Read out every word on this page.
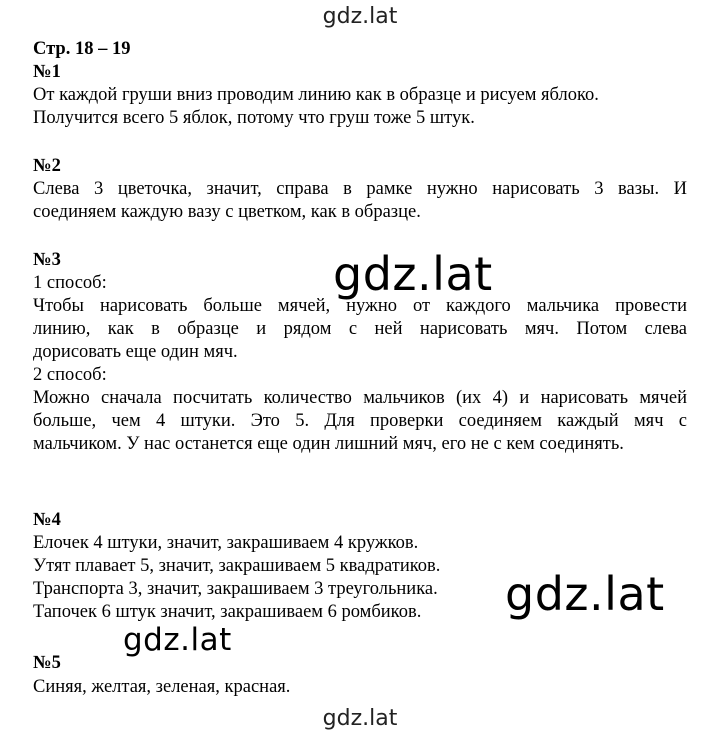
gdz.lat
Стр. 18 – 19
№1
От каждой груши вниз проводим линию как в образце и рисуем яблоко.
Получится всего 5 яблок, потому что груш тоже 5 штук.
№2
Слева 3 цветочка, значит, справа в рамке нужно нарисовать 3 вазы. И
соединяем каждую вазу с цветком, как в образце.
№3
1 способ:
Чтобы нарисовать больше мячей, нужно от каждого мальчика провести
линию, как в образце и рядом с ней нарисовать мяч. Потом слева
дорисовать еще один мяч.
2 способ:
Можно сначала посчитать количество мальчиков (их 4) и нарисовать мячей
больше, чем 4 штуки. Это 5. Для проверки соединяем каждый мяч с
мальчиком. У нас останется еще один лишний мяч, его не с кем соединять.
№4
Елочек 4 штуки, значит, закрашиваем 4 кружков.
Утят плавает 5, значит, закрашиваем 5 квадратиков.
Транспорта 3, значит, закрашиваем 3 треугольника.
Тапочек 6 штук значит, закрашиваем 6 ромбиков.
№5
Синяя, желтая, зеленая, красная.
gdz.lat
gdz.lat
gdz.lat
gdz.lat
